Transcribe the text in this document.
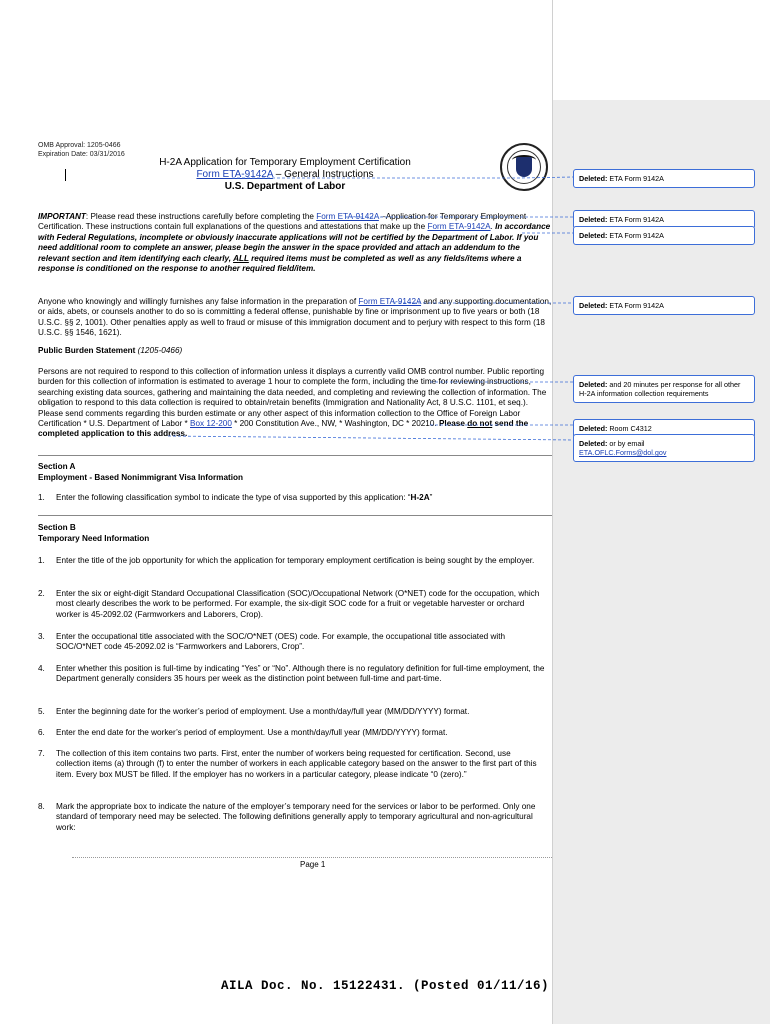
OMB Approval: 1205-0466
Expiration Date: 03/31/2016
H-2A Application for Temporary Employment Certification
Form ETA-9142A – General Instructions
U.S. Department of Labor
IMPORTANT: Please read these instructions carefully before completing the Form ETA-9142A –Application for Temporary Employment Certification. These instructions contain full explanations of the questions and attestations that make up the Form ETA-9142A. In accordance with Federal Regulations, incomplete or obviously inaccurate applications will not be certified by the Department of Labor. If you need additional room to complete an answer, please begin the answer in the space provided and attach an addendum to the relevant section and item identifying each clearly, ALL required items must be completed as well as any fields/items where a response is conditioned on the response to another required field/item.
Anyone who knowingly and willingly furnishes any false information in the preparation of Form ETA-9142A and any supporting documentation, or aids, abets, or counsels another to do so is committing a federal offense, punishable by fine or imprisonment up to five years or both (18 U.S.C. §§ 2, 1001). Other penalties apply as well to fraud or misuse of this immigration document and to perjury with respect to this form (18 U.S.C. §§ 1546, 1621).
Public Burden Statement (1205-0466)
Persons are not required to respond to this collection of information unless it displays a currently valid OMB control number. Public reporting burden for this collection of information is estimated to average 1 hour to complete the form, including the time for reviewing instructions, searching existing data sources, gathering and maintaining the data needed, and completing and reviewing the collection of information. The obligation to respond to this data collection is required to obtain/retain benefits (Immigration and Nationality Act, 8 U.S.C. 1101, et seq.). Please send comments regarding this burden estimate or any other aspect of this information collection to the Office of Foreign Labor Certification * U.S. Department of Labor * Box 12-200 * 200 Constitution Ave., NW, * Washington, DC * 20210. Please do not send the completed application to this address.
Section A
Employment - Based Nonimmigrant Visa Information
1.	Enter the following classification symbol to indicate the type of visa supported by this application: “H-2A”
Section B
Temporary Need Information
1.	Enter the title of the job opportunity for which the application for temporary employment certification is being sought by the employer.
2.	Enter the six or eight-digit Standard Occupational Classification (SOC)/Occupational Network (O*NET) code for the occupation, which most clearly describes the work to be performed. For example, the six-digit SOC code for a fruit or vegetable harvester or orchard worker is 45-2092.02 (Farmworkers and Laborers, Crop).
3.	Enter the occupational title associated with the SOC/O*NET (OES) code. For example, the occupational title associated with SOC/O*NET code 45-2092.02 is “Farmworkers and Laborers, Crop”.
4.	Enter whether this position is full-time by indicating “Yes” or “No”. Although there is no regulatory definition for full-time employment, the Department generally considers 35 hours per week as the distinction point between full-time and part-time.
5.	Enter the beginning date for the worker’s period of employment. Use a month/day/full year (MM/DD/YYYY) format.
6.	Enter the end date for the worker’s period of employment. Use a month/day/full year (MM/DD/YYYY) format.
7.	The collection of this item contains two parts. First, enter the number of workers being requested for certification. Second, use collection items (a) through (f) to enter the number of workers in each applicable category based on the answer to the first part of this item. Every box MUST be filled. If the employer has no workers in a particular category, please indicate “0 (zero).”
8.	Mark the appropriate box to indicate the nature of the employer’s temporary need for the services or labor to be performed. Only one standard of temporary need may be selected. The following definitions generally apply to temporary agricultural and non-agricultural work:
Page 1
Deleted: ETA Form 9142A
Deleted: ETA Form 9142A
Deleted: ETA Form 9142A
Deleted: ETA Form 9142A
Deleted: and 20 minutes per response for all other H-2A information collection requirements
Deleted: Room C4312
Deleted: or by email
ETA.OFLC.Forms@dol.gov
AILA Doc. No. 15122431. (Posted 01/11/16)
